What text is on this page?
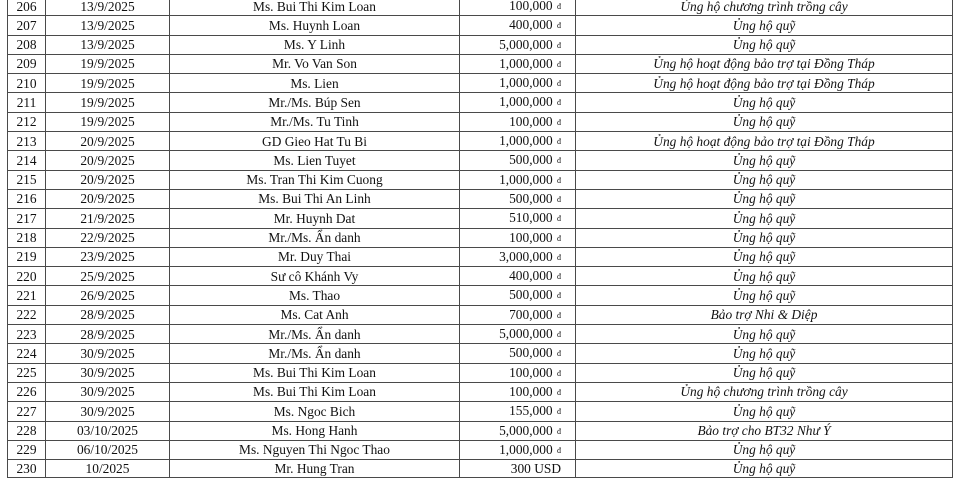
206	13/9/2025	Ms. Bui Thi Kim Loan	100,000 đ	Ủng hộ chương trình trồng cây
207	13/9/2025	Ms. Huynh Loan	400,000 đ	Ủng hộ quỹ
208	13/9/2025	Ms. Y Linh	5,000,000 đ	Ủng hộ quỹ
209	19/9/2025	Mr. Vo Van Son	1,000,000 đ	Ủng hộ hoạt động bảo trợ tại Đồng Tháp
210	19/9/2025	Ms. Lien	1,000,000 đ	Ủng hộ hoạt động bảo trợ tại Đồng Tháp
211	19/9/2025	Mr./Ms. Búp Sen	1,000,000 đ	Ủng hộ quỹ
212	19/9/2025	Mr./Ms. Tu Tinh	100,000 đ	Ủng hộ quỹ
213	20/9/2025	GD Gieo Hat Tu Bi	1,000,000 đ	Ủng hộ hoạt động bảo trợ tại Đồng Tháp
214	20/9/2025	Ms. Lien Tuyet	500,000 đ	Ủng hộ quỹ
215	20/9/2025	Ms. Tran Thi Kim Cuong	1,000,000 đ	Ủng hộ quỹ
216	20/9/2025	Ms. Bui Thi An Linh	500,000 đ	Ủng hộ quỹ
217	21/9/2025	Mr. Huynh Dat	510,000 đ	Ủng hộ quỹ
218	22/9/2025	Mr./Ms. Ẩn danh	100,000 đ	Ủng hộ quỹ
219	23/9/2025	Mr. Duy Thai	3,000,000 đ	Ủng hộ quỹ
220	25/9/2025	Sư cô Khánh Vy	400,000 đ	Ủng hộ quỹ
221	26/9/2025	Ms. Thao	500,000 đ	Ủng hộ quỹ
222	28/9/2025	Ms. Cat Anh	700,000 đ	Bảo trợ Nhi & Diệp
223	28/9/2025	Mr./Ms. Ẩn danh	5,000,000 đ	Ủng hộ quỹ
224	30/9/2025	Mr./Ms. Ẩn danh	500,000 đ	Ủng hộ quỹ
225	30/9/2025	Ms. Bui Thi Kim Loan	100,000 đ	Ủng hộ quỹ
226	30/9/2025	Ms. Bui Thi Kim Loan	100,000 đ	Ủng hộ chương trình trồng cây
227	30/9/2025	Ms. Ngoc Bich	155,000 đ	Ủng hộ quỹ
228	03/10/2025	Ms. Hong Hanh	5,000,000 đ	Bảo trợ cho BT32 Như Ý
229	06/10/2025	Ms. Nguyen Thi Ngoc Thao	1,000,000 đ	Ủng hộ quỹ
230	10/2025	Mr. Hung Tran	300 USD	Ủng hộ quỹ
